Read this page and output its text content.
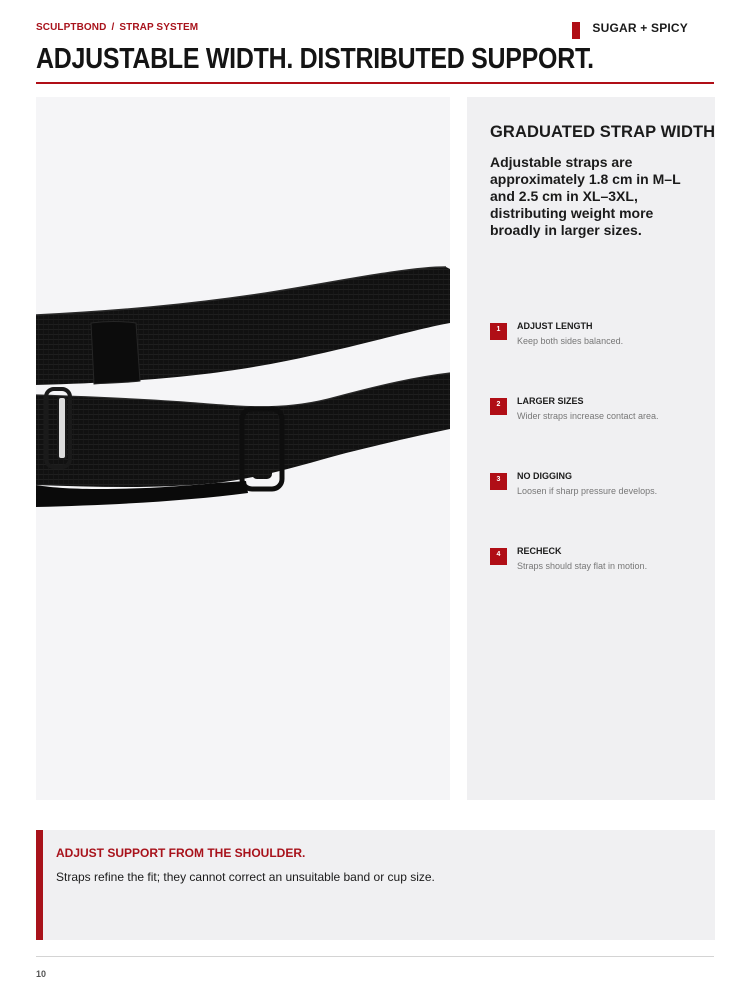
SCULPTBOND / STRAP SYSTEM	SUGAR + SPICY
ADJUSTABLE WIDTH. DISTRIBUTED SUPPORT.
GRADUATED STRAP WIDTH

Adjustable straps are approximately 1.8 cm in M–L and 2.5 cm in XL–3XL, distributing weight more broadly in larger sizes.

1	ADJUST LENGTH
Keep both sides balanced.
2	LARGER SIZES
Wider straps increase contact area.
3	NO DIGGING
Loosen if sharp pressure develops.
4	RECHECK
Straps should stay flat in motion.
ADJUST SUPPORT FROM THE SHOULDER.

Straps refine the fit; they cannot correct an unsuitable band or cup size.

10
